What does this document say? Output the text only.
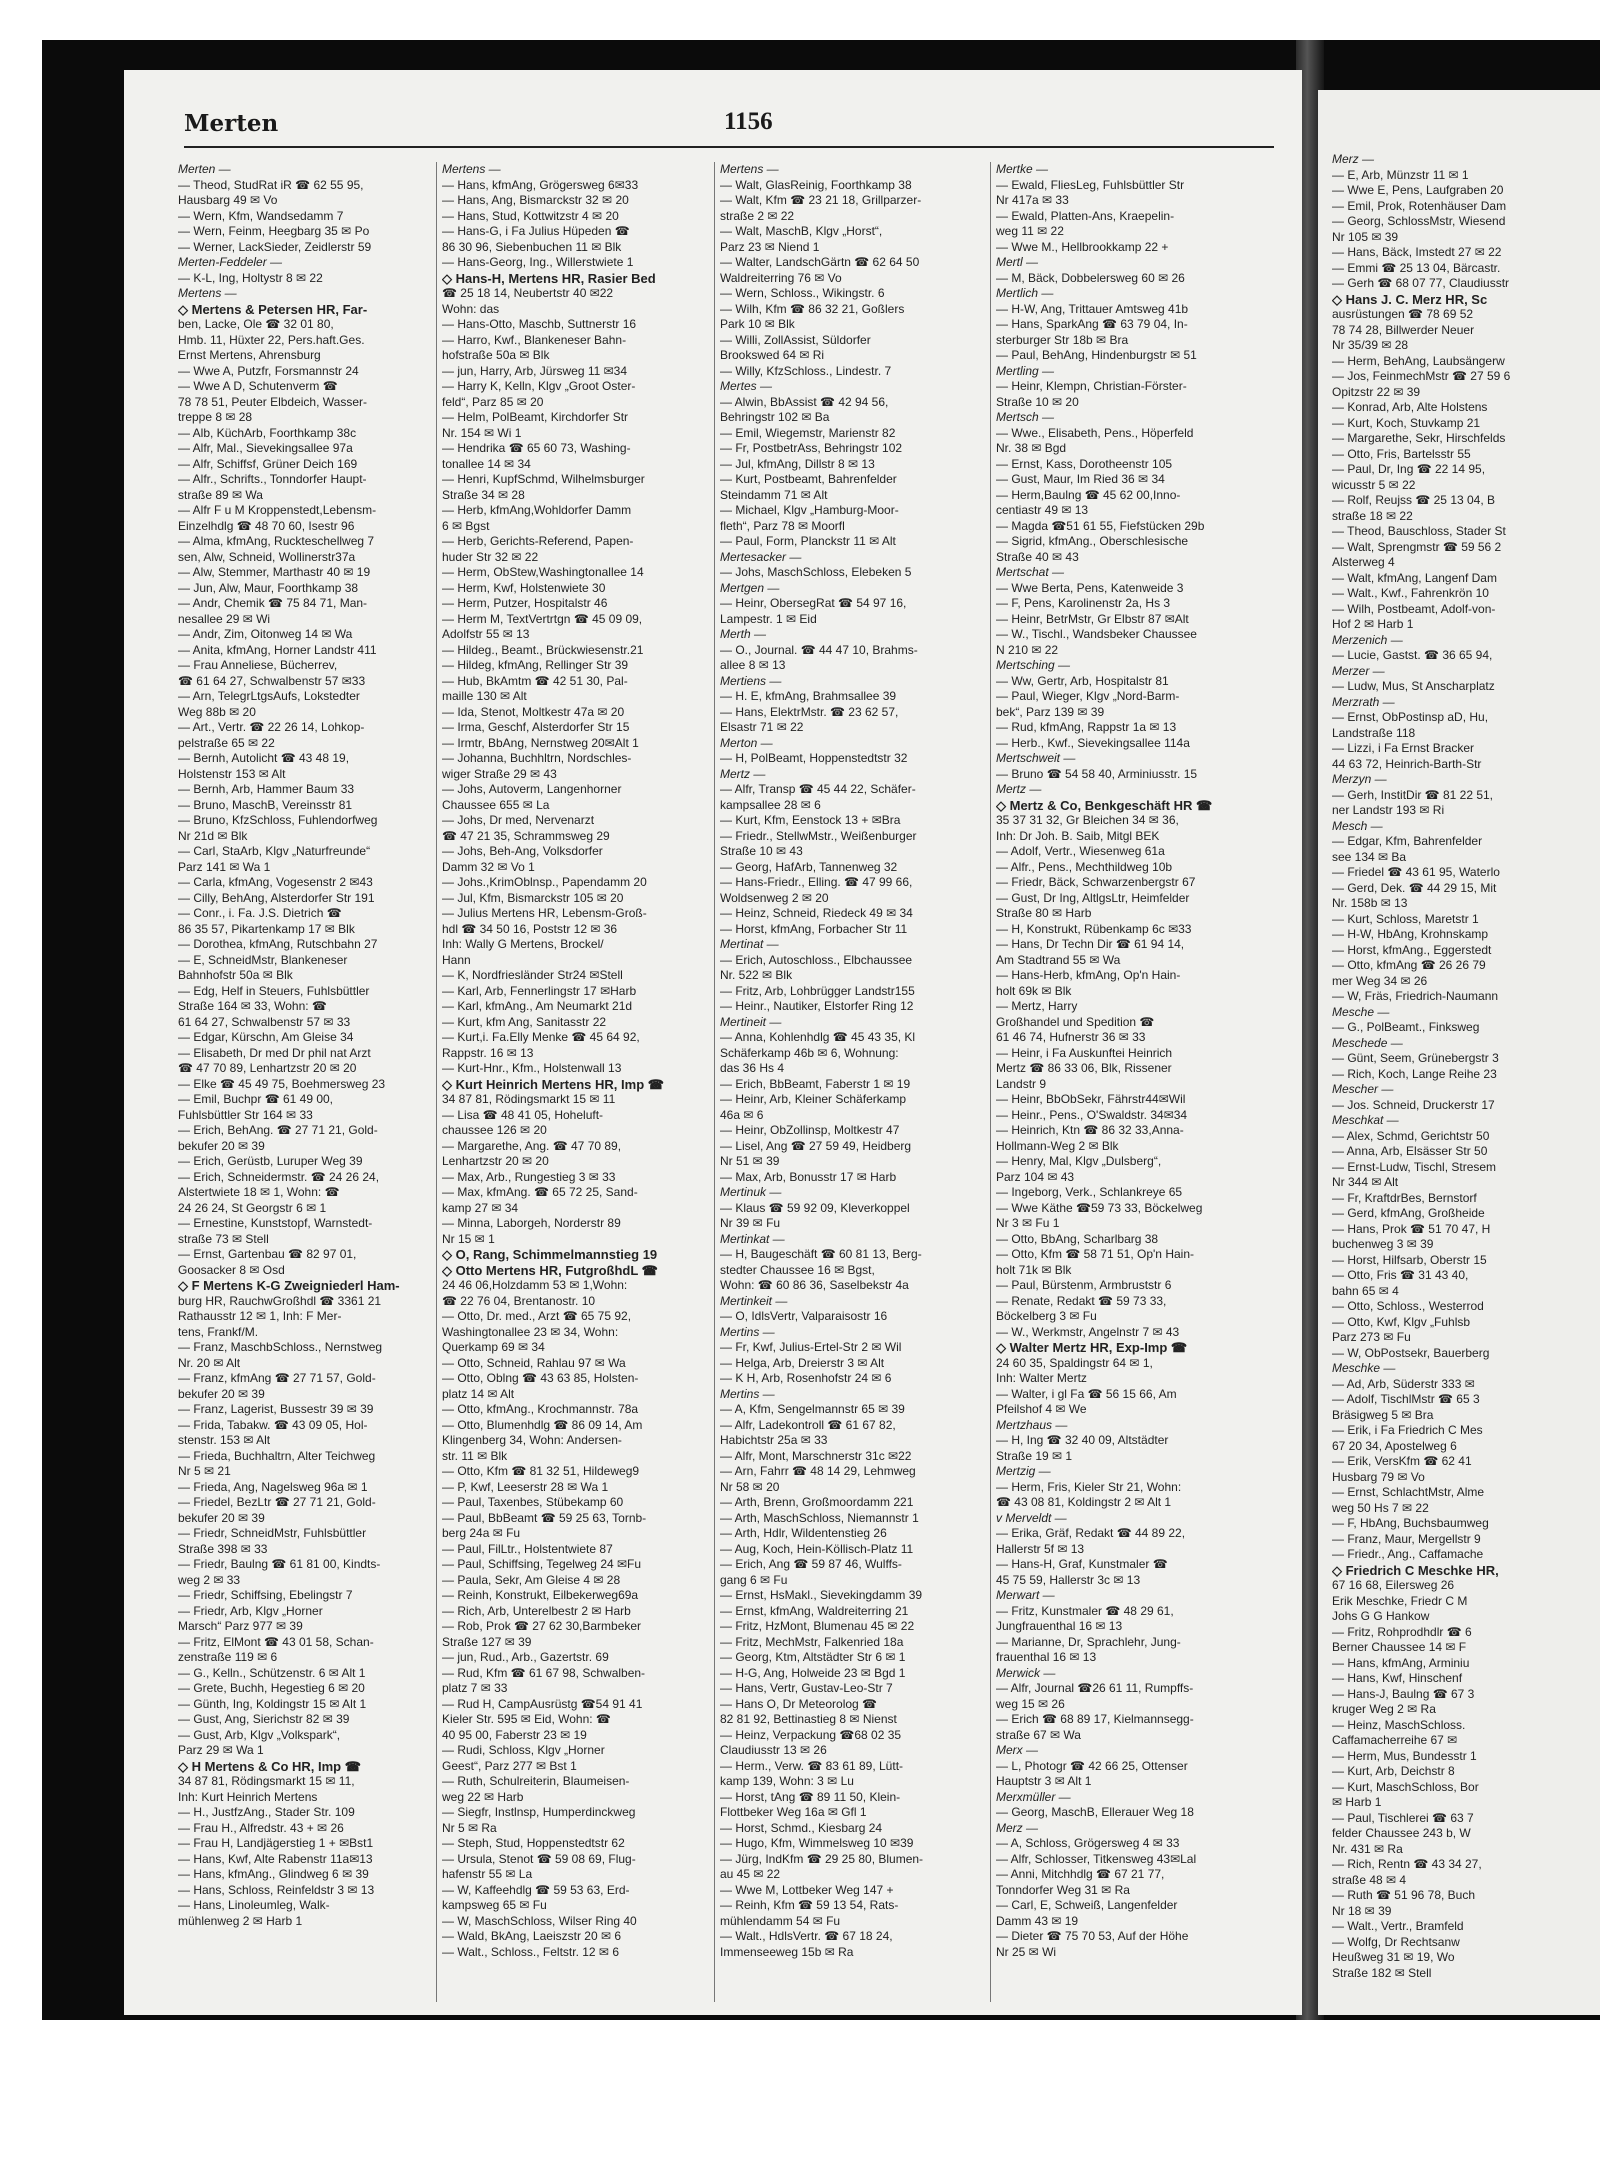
Merten	1156

Merten —

— Theod, StudRat iR ☎ 62 55 95,

Hausbarg 49 ✉ Vo

— Wern, Kfm, Wandsedamm 7

— Wern, Feinm, Heegbarg 35 ✉ Po

— Werner, LackSieder, Zeidlerstr 59

Merten-Feddeler —

— K-L, Ing, Holtystr 8 ✉ 22

Mertens —

◇ Mertens & Petersen HR, Far-

ben, Lacke, Ole ☎ 32 01 80,

Hmb. 11, Hüxter 22, Pers.haft.Ges.

Ernst Mertens, Ahrensburg

— Wwe A, Putzfr, Forsmannstr 24

— Wwe A D, Schutenverm ☎

78 78 51, Peuter Elbdeich, Wasser-

treppe 8 ✉ 28

— Alb, KüchArb, Foorthkamp 38c

— Alfr, Mal., Sievekingsallee 97a

— Alfr, Schiffsf, Grüner Deich 169

— Alfr., Schrifts., Tonndorfer Haupt-

straße 89 ✉ Wa

— Alfr F u M Kroppenstedt,Lebensm-

Einzelhdlg ☎ 48 70 60, Isestr 96

— Alma, kfmAng, Ruckteschellweg 7

sen, Alw, Schneid, Wollinerstr37a

— Alw, Stemmer, Marthastr 40 ✉ 19

— Jun, Alw, Maur, Foorthkamp 38

— Andr, Chemik ☎ 75 84 71, Man-

nesallee 29 ✉ Wi

— Andr, Zim, Oitonweg 14 ✉ Wa

— Anita, kfmAng, Horner Landstr 411

— Frau Anneliese, Bücherrev,

☎ 61 64 27, Schwalbenstr 57 ✉33

— Arn, TelegrLtgsAufs, Lokstedter

Weg 88b ✉ 20

— Art., Vertr. ☎ 22 26 14, Lohkop-

pelstraße 65 ✉ 22

— Bernh, Autolicht ☎ 43 48 19,

Holstenstr 153 ✉ Alt

— Bernh, Arb, Hammer Baum 33

— Bruno, MaschB, Vereinsstr 81

— Bruno, KfzSchloss, Fuhlendorfweg

Nr 21d ✉ Blk

— Carl, StaArb, Klgv „Naturfreunde“

Parz 141 ✉ Wa 1

— Carla, kfmAng, Vogesenstr 2 ✉43

— Cilly, BehAng, Alsterdorfer Str 191

— Conr., i. Fa. J.S. Dietrich ☎

86 35 57, Pikartenkamp 17 ✉ Blk

— Dorothea, kfmAng, Rutschbahn 27

— E, SchneidMstr, Blankeneser

Bahnhofstr 50a ✉ Blk

— Edg, Helf in Steuers, Fuhlsbüttler

Straße 164 ✉ 33, Wohn: ☎

61 64 27, Schwalbenstr 57 ✉ 33

— Edgar, Kürschn, Am Gleise 34

— Elisabeth, Dr med Dr phil nat Arzt

☎ 47 70 89, Lenhartzstr 20 ✉ 20

— Elke ☎ 45 49 75, Boehmersweg 23

— Emil, Buchpr ☎ 61 49 00,

Fuhlsbüttler Str 164 ✉ 33

— Erich, BehAng. ☎ 27 71 21, Gold-

bekufer 20 ✉ 39

— Erich, Gerüstb, Luruper Weg 39

— Erich, Schneidermstr. ☎ 24 26 24,

Alstertwiete 18 ✉ 1, Wohn: ☎

24 26 24, St Georgstr 6 ✉ 1

— Ernestine, Kunststopf, Warnstedt-

straße 73 ✉ Stell

— Ernst, Gartenbau ☎ 82 97 01,

Goosacker 8 ✉ Osd

◇ F Mertens K-G Zweigniederl Ham-

burg HR, RauchwGroßhdl ☎ 3361 21

Rathausstr 12 ✉ 1, Inh: F Mer-

tens, Frankf/M.

— Franz, MaschbSchloss., Nernstweg

Nr. 20 ✉ Alt

— Franz, kfmAng ☎ 27 71 57, Gold-

bekufer 20 ✉ 39

— Franz, Lagerist, Bussestr 39 ✉ 39

— Frida, Tabakw. ☎ 43 09 05, Hol-

stenstr. 153 ✉ Alt

— Frieda, Buchhaltrn, Alter Teichweg

Nr 5 ✉ 21

— Frieda, Ang, Nagelsweg 96a ✉ 1

— Friedel, BezLtr ☎ 27 71 21, Gold-

bekufer 20 ✉ 39

— Friedr, SchneidMstr, Fuhlsbüttler

Straße 398 ✉ 33

— Friedr, Baulng ☎ 61 81 00, Kindts-

weg 2 ✉ 33

— Friedr, Schiffsing, Ebelingstr 7

— Friedr, Arb, Klgv „Horner

Marsch“ Parz 977 ✉ 39

— Fritz, ElMont ☎ 43 01 58, Schan-

zenstraße 119 ✉ 6

— G., Kelln., Schützenstr. 6 ✉ Alt 1

— Grete, Buchh, Hegestieg 6 ✉ 20

— Günth, Ing, Koldingstr 15 ✉ Alt 1

— Gust, Ang, Sierichstr 82 ✉ 39

— Gust, Arb, Klgv „Volkspark“,

Parz 29 ✉ Wa 1

◇ H Mertens & Co HR, Imp ☎

34 87 81, Rödingsmarkt 15 ✉ 11,

Inh: Kurt Heinrich Mertens

— H., JustfzAng., Stader Str. 109

— Frau H., Alfredstr. 43 + ✉ 26

— Frau H, Landjägerstieg 1 + ✉Bst1

— Hans, Kwf, Alte Rabenstr 11a✉13

— Hans, kfmAng., Glindweg 6 ✉ 39

— Hans, Schloss, Reinfeldstr 3 ✉ 13

— Hans, Linoleumleg, Walk-

mühlenweg 2 ✉ Harb 1

Mertens —

— Hans, kfmAng, Grögersweg 6✉33

— Hans, Ang, Bismarckstr 32 ✉ 20

— Hans, Stud, Kottwitzstr 4 ✉ 20

— Hans-G, i Fa Julius Hüpeden ☎

86 30 96, Siebenbuchen 11 ✉ Blk

— Hans-Georg, Ing., Willerstwiete 1

◇ Hans-H, Mertens HR, Rasier Bed

☎ 25 18 14, Neubertstr 40 ✉22

Wohn: das

— Hans-Otto, Maschb, Suttnerstr 16

— Harro, Kwf., Blankeneser Bahn-

hofstraße 50a ✉ Blk

— jun, Harry, Arb, Jürsweg 11 ✉34

— Harry K, Kelln, Klgv „Groot Oster-

feld“, Parz 85 ✉ 20

— Helm, PolBeamt, Kirchdorfer Str

Nr. 154 ✉ Wi 1

— Hendrika ☎ 65 60 73, Washing-

tonallee 14 ✉ 34

— Henri, KupfSchmd, Wilhelmsburger

Straße 34 ✉ 28

— Herb, kfmAng,Wohldorfer Damm

6 ✉ Bgst

— Herb, Gerichts-Referend, Papen-

huder Str 32 ✉ 22

— Herm, ObStew,Washingtonallee 14

— Herm, Kwf, Holstenwiete 30

— Herm, Putzer, Hospitalstr 46

— Herm M, TextVertrtgn ☎ 45 09 09,

Adolfstr 55 ✉ 13

— Hildeg., Beamt., Brückwiesenstr.21

— Hildeg, kfmAng, Rellinger Str 39

— Hub, BkAmtm ☎ 42 51 30, Pal-

maille 130 ✉ Alt

— Ida, Stenot, Moltkestr 47a ✉ 20

— Irma, Geschf, Alsterdorfer Str 15

— Irmtr, BbAng, Nernstweg 20✉Alt 1

— Johanna, Buchhltrn, Nordschles-

wiger Straße 29 ✉ 43

— Johs, Autoverm, Langenhorner

Chaussee 655 ✉ La

— Johs, Dr med, Nervenarzt

☎ 47 21 35, Schrammsweg 29

— Johs, Beh-Ang, Volksdorfer

Damm 32 ✉ Vo 1

— Johs.,KrimOblnsp., Papendamm 20

— Jul, Kfm, Bismarckstr 105 ✉ 20

— Julius Mertens HR, Lebensm-Groß-

hdl ☎ 34 50 16, Poststr 12 ✉ 36

Inh: Wally G Mertens, Brockel/

Hann

— K, Nordfriesländer Str24 ✉Stell

— Karl, Arb, Fennerlingstr 17 ✉Harb

— Karl, kfmAng., Am Neumarkt 21d

— Kurt, kfm Ang, Sanitasstr 22

— Kurt,i. Fa.Elly Menke ☎ 45 64 92,

Rappstr. 16 ✉ 13

— Kurt-Hnr., Kfm., Holstenwall 13

◇ Kurt Heinrich Mertens HR, Imp ☎

34 87 81, Rödingsmarkt 15 ✉ 11

— Lisa ☎ 48 41 05, Hoheluft-

chaussee 126 ✉ 20

— Margarethe, Ang. ☎ 47 70 89,

Lenhartzstr 20 ✉ 20

— Max, Arb., Rungestieg 3 ✉ 33

— Max, kfmAng. ☎ 65 72 25, Sand-

kamp 27 ✉ 34

— Minna, Laborgeh, Norderstr 89

Nr 15 ✉ 1

◇ O, Rang, Schimmelmannstieg 19

◇ Otto Mertens HR, FutgroßhdL ☎

24 46 06,Holzdamm 53 ✉ 1,Wohn:

☎ 22 76 04, Brentanostr. 10

— Otto, Dr. med., Arzt ☎ 65 75 92,

Washingtonallee 23 ✉ 34, Wohn:

Querkamp 69 ✉ 34

— Otto, Schneid, Rahlau 97 ✉ Wa

— Otto, Oblng ☎ 43 63 85, Holsten-

platz 14 ✉ Alt

— Otto, kfmAng., Krochmannstr. 78a

— Otto, Blumenhdlg ☎ 86 09 14, Am

Klingenberg 34, Wohn: Andersen-

str. 11 ✉ Blk

— Otto, Kfm ☎ 81 32 51, Hildeweg9

— P, Kwf, Leeserstr 28 ✉ Wa 1

— Paul, Taxenbes, Stübekamp 60

— Paul, BbBeamt ☎ 59 25 63, Tornb-

berg 24a ✉ Fu

— Paul, FilLtr., Holstentwiete 87

— Paul, Schiffsing, Tegelweg 24 ✉Fu

— Paula, Sekr, Am Gleise 4 ✉ 28

— Reinh, Konstrukt, Eilbekerweg69a

— Rich, Arb, Unterelbestr 2 ✉ Harb

— Rob, Prok ☎ 27 62 30,Barmbeker

Straße 127 ✉ 39

— jun, Rud., Arb., Gazertstr. 69

— Rud, Kfm ☎ 61 67 98, Schwalben-

platz 7 ✉ 33

— Rud H, CampAusrüstg ☎54 91 41

Kieler Str. 595 ✉ Eid, Wohn: ☎

40 95 00, Faberstr 23 ✉ 19

— Rudi, Schloss, Klgv „Horner

Geest“, Parz 277 ✉ Bst 1

— Ruth, Schulreiterin, Blaumeisen-

weg 22 ✉ Harb

— Siegfr, Instlnsp, Humperdinckweg

Nr 5 ✉ Ra

— Steph, Stud, Hoppenstedtstr 62

— Ursula, Stenot ☎ 59 08 69, Flug-

hafenstr 55 ✉ La

— W, Kaffeehdlg ☎ 59 53 63, Erd-

kampsweg 65 ✉ Fu

— W, MaschSchloss, Wilser Ring 40

— Wald, BkAng, Laeiszstr 20 ✉ 6

— Walt., Schloss., Feltstr. 12 ✉ 6

Mertens —

— Walt, GlasReinig, Foorthkamp 38

— Walt, Kfm ☎ 23 21 18, Grillparzer-

straße 2 ✉ 22

— Walt, MaschB, Klgv „Horst“,

Parz 23 ✉ Niend 1

— Walter, LandschGärtn ☎ 62 64 50

Waldreiterring 76 ✉ Vo

— Wern, Schloss., Wikingstr. 6

— Wilh, Kfm ☎ 86 32 21, Goßlers

Park 10 ✉ Blk

— Willi, ZollAssist, Süldorfer

Brookswed 64 ✉ Ri

— Willy, KfzSchloss., Lindestr. 7

Mertes —

— Alwin, BbAssist ☎ 42 94 56,

Behringstr 102 ✉ Ba

— Emil, Wiegemstr, Marienstr 82

— Fr, PostbetrAss, Behringstr 102

— Jul, kfmAng, Dillstr 8 ✉ 13

— Kurt, Postbeamt, Bahrenfelder

Steindamm 71 ✉ Alt

— Michael, Klgv „Hamburg-Moor-

fleth“, Parz 78 ✉ Moorfl

— Paul, Form, Planckstr 11 ✉ Alt

Mertesacker —

— Johs, MaschSchloss, Elebeken 5

Mertgen —

— Heinr, ObersegRat ☎ 54 97 16,

Lampestr. 1 ✉ Eid

Merth —

— O., Journal. ☎ 44 47 10, Brahms-

allee 8 ✉ 13

Mertiens —

— H. E, kfmAng, Brahmsallee 39

— Hans, ElektrMstr. ☎ 23 62 57,

Elsastr 71 ✉ 22

Merton —

— H, PolBeamt, Hoppenstedtstr 32

Mertz —

— Alfr, Transp ☎ 45 44 22, Schäfer-

kampsallee 28 ✉ 6

— Kurt, Kfm, Eenstock 13 + ✉Bra

— Friedr., StellwMstr., Weißenburger

Straße 10 ✉ 43

— Georg, HafArb, Tannenweg 32

— Hans-Friedr., Elling. ☎ 47 99 66,

Woldsenweg 2 ✉ 20

— Heinz, Schneid, Riedeck 49 ✉ 34

— Horst, kfmAng, Forbacher Str 11

Mertinat —

— Erich, Autoschloss., Elbchaussee

Nr. 522 ✉ Blk

— Fritz, Arb, Lohbrügger Landstr155

— Heinr., Nautiker, Elstorfer Ring 12

Mertineit —

— Anna, Kohlenhdlg ☎ 45 43 35, Kl

Schäferkamp 46b ✉ 6, Wohnung:

das 36 Hs 4

— Erich, BbBeamt, Faberstr 1 ✉ 19

— Heinr, Arb, Kleiner Schäferkamp

46a ✉ 6

— Heinr, ObZollinsp, Moltkestr 47

— Lisel, Ang ☎ 27 59 49, Heidberg

Nr 51 ✉ 39

— Max, Arb, Bonusstr 17 ✉ Harb

Mertinuk —

— Klaus ☎ 59 92 09, Kleverkoppel

Nr 39 ✉ Fu

Mertinkat —

— H, Baugeschäft ☎ 60 81 13, Berg-

stedter Chaussee 16 ✉ Bgst,

Wohn: ☎ 60 86 36, Saselbekstr 4a

Mertinkeit —

— O, IdlsVertr, Valparaisostr 16

Mertins —

— Fr, Kwf, Julius-Ertel-Str 2 ✉ Wil

— Helga, Arb, Dreierstr 3 ✉ Alt

— K H, Arb, Rosenhofstr 24 ✉ 6

Mertins —

— A, Kfm, Sengelmannstr 65 ✉ 39

— Alfr, Ladekontroll ☎ 61 67 82,

Habichtstr 25a ✉ 33

— Alfr, Mont, Marschnerstr 31c ✉22

— Arn, Fahrr ☎ 48 14 29, Lehmweg

Nr 58 ✉ 20

— Arth, Brenn, Großmoordamm 221

— Arth, MaschSchloss, Niemannstr 1

— Arth, Hdlr, Wildentenstieg 26

— Aug, Koch, Hein-Köllisch-Platz 11

— Erich, Ang ☎ 59 87 46, Wulffs-

gang 6 ✉ Fu

— Ernst, HsMakl., Sievekingdamm 39

— Ernst, kfmAng, Waldreiterring 21

— Fritz, HzMont, Blumenau 45 ✉ 22

— Fritz, MechMstr, Falkenried 18a

— Georg, Ktm, Altstädter Str 6 ✉ 1

— H-G, Ang, Holweide 23 ✉ Bgd 1

— Hans, Vertr, Gustav-Leo-Str 7

— Hans O, Dr Meteorolog ☎

82 81 92, Bettinastieg 8 ✉ Nienst

— Heinz, Verpackung ☎68 02 35

Claudiusstr 13 ✉ 26

— Herm., Verw. ☎ 83 61 89, Lütt-

kamp 139, Wohn: 3 ✉ Lu

— Horst, tAng ☎ 89 11 50, Klein-

Flottbeker Weg 16a ✉ Gfl 1

— Horst, Schmd., Kiesbarg 24

— Hugo, Kfm, Wimmelsweg 10 ✉39

— Jürg, IndKfm ☎ 29 25 80, Blumen-

au 45 ✉ 22

— Wwe M, Lottbeker Weg 147 +

— Reinh, Kfm ☎ 59 13 54, Rats-

mühlendamm 54 ✉ Fu

— Walt., HdlsVertr. ☎ 67 18 24,

Immenseeweg 15b ✉ Ra

Mertke —

— Ewald, FliesLeg, Fuhlsbüttler Str

Nr 417a ✉ 33

— Ewald, Platten-Ans, Kraepelin-

weg 11 ✉ 22

— Wwe M., Hellbrookkamp 22 +

Mertl —

— M, Bäck, Dobbelersweg 60 ✉ 26

Mertlich —

— H-W, Ang, Trittauer Amtsweg 41b

— Hans, SparkAng ☎ 63 79 04, In-

sterburger Str 18b ✉ Bra

— Paul, BehAng, Hindenburgstr ✉ 51

Mertling —

— Heinr, Klempn, Christian-Förster-

Straße 10 ✉ 20

Mertsch —

— Wwe., Elisabeth, Pens., Höperfeld

Nr. 38 ✉ Bgd

— Ernst, Kass, Dorotheenstr 105

— Gust, Maur, Im Ried 36 ✉ 34

— Herm,Baulng ☎ 45 62 00,Inno-

centiastr 49 ✉ 13

— Magda ☎51 61 55, Fiefstücken 29b

— Sigrid, kfmAng., Oberschlesische

Straße 40 ✉ 43

Mertschat —

— Wwe Berta, Pens, Katenweide 3

— F, Pens, Karolinenstr 2a, Hs 3

— Heinr, BetrMstr, Gr Elbstr 87 ✉Alt

— W., Tischl., Wandsbeker Chaussee

N 210 ✉ 22

Mertsching —

— Ww, Gertr, Arb, Hospitalstr 81

— Paul, Wieger, Klgv „Nord-Barm-

bek“, Parz 139 ✉ 39

— Rud, kfmAng, Rappstr 1a ✉ 13

— Herb., Kwf., Sievekingsallee 114a

Mertschweit —

— Bruno ☎ 54 58 40, Arminiusstr. 15

Mertz —

◇ Mertz & Co, Benkgeschäft HR ☎

35 37 31 32, Gr Bleichen 34 ✉ 36,

Inh: Dr Joh. B. Saib, Mitgl BEK

— Adolf, Vertr., Wiesenweg 61a

— Alfr., Pens., Mechthildweg 10b

— Friedr, Bäck, Schwarzenbergstr 67

— Gust, Dr Ing, AltlgsLtr, Heimfelder

Straße 80 ✉ Harb

— H, Konstrukt, Rübenkamp 6c ✉33

— Hans, Dr Techn Dir ☎ 61 94 14,

Am Stadtrand 55 ✉ Wa

— Hans-Herb, kfmAng, Op'n Hain-

holt 69k ✉ Blk

— Mertz, Harry

Großhandel und Spedition ☎

61 46 74, Hufnerstr 36 ✉ 33

— Heinr, i Fa Auskunftei Heinrich

Mertz ☎ 86 33 06, Blk, Rissener

Landstr 9

— Heinr, BbObSekr, Fährstr44✉Wil

— Heinr., Pens., O'Swaldstr. 34✉34

— Heinrich, Ktn ☎ 86 32 33,Anna-

Hollmann-Weg 2 ✉ Blk

— Henry, Mal, Klgv „Dulsberg“,

Parz 104 ✉ 43

— Ingeborg, Verk., Schlankreye 65

— Wwe Käthe ☎59 73 33, Böckelweg

Nr 3 ✉ Fu 1

— Otto, BbAng, Scharlbarg 38

— Otto, Kfm ☎ 58 71 51, Op'n Hain-

holt 71k ✉ Blk

— Paul, Bürstenm, Armbruststr 6

— Renate, Redakt ☎ 59 73 33,

Böckelberg 3 ✉ Fu

— W., Werkmstr, Angelnstr 7 ✉ 43

◇ Walter Mertz HR, Exp-Imp ☎

24 60 35, Spaldingstr 64 ✉ 1,

Inh: Walter Mertz

— Walter, i gl Fa ☎ 56 15 66, Am

Pfeilshof 4 ✉ We

Mertzhaus —

— H, Ing ☎ 32 40 09, Altstädter

Straße 19 ✉ 1

Mertzig —

— Herm, Fris, Kieler Str 21, Wohn:

☎ 43 08 81, Koldingstr 2 ✉ Alt 1

v Merveldt —

— Erika, Gräf, Redakt ☎ 44 89 22,

Hallerstr 5f ✉ 13

— Hans-H, Graf, Kunstmaler ☎

45 75 59, Hallerstr 3c ✉ 13

Merwart —

— Fritz, Kunstmaler ☎ 48 29 61,

Jungfrauenthal 16 ✉ 13

— Marianne, Dr, Sprachlehr, Jung-

frauenthal 16 ✉ 13

Merwick —

— Alfr, Journal ☎26 61 11, Rumpffs-

weg 15 ✉ 26

— Erich ☎ 68 89 17, Kielmannsegg-

straße 67 ✉ Wa

Merx —

— L, Photogr ☎ 42 66 25, Ottenser

Hauptstr 3 ✉ Alt 1

Merxmüller —

— Georg, MaschB, Ellerauer Weg 18

Merz —

— A, Schloss, Grögersweg 4 ✉ 33

— Alfr, Schlosser, Titkensweg 43✉Lal

— Anni, Mitchhdlg ☎ 67 21 77,

Tonndorfer Weg 31 ✉ Ra

— Carl, E, Schweiß, Langenfelder

Damm 43 ✉ 19

— Dieter ☎ 75 70 53, Auf der Höhe

Nr 25 ✉ Wi

Merz —

— E, Arb, Münzstr 11 ✉ 1

— Wwe E, Pens, Laufgraben 20

— Emil, Prok, Rotenhäuser Dam

— Georg, SchlossMstr, Wiesend

Nr 105 ✉ 39

— Hans, Bäck, Imstedt 27 ✉ 22

— Emmi ☎ 25 13 04, Bärcastr.

— Gerh ☎ 68 07 77, Claudiusstr

◇ Hans J. C. Merz HR, Sc

ausrüstungen ☎ 78 69 52

78 74 28, Billwerder Neuer

Nr 35/39 ✉ 28

— Herm, BehAng, Laubsängerw

— Jos, FeinmechMstr ☎ 27 59 6

Opitzstr 22 ✉ 39

— Konrad, Arb, Alte Holstens

— Kurt, Koch, Stuvkamp 21

— Margarethe, Sekr, Hirschfelds

— Otto, Fris, Bartelsstr 55

— Paul, Dr, Ing ☎ 22 14 95,

wicusstr 5 ✉ 22

— Rolf, Reujss ☎ 25 13 04, B

straße 18 ✉ 22

— Theod, Bauschloss, Stader St

— Walt, Sprengmstr ☎ 59 56 2

Alsterweg 4

— Walt, kfmAng, Langenf Dam

— Walt., Kwf., Fahrenkrön 10

— Wilh, Postbeamt, Adolf-von-

Hof 2 ✉ Harb 1

Merzenich —

— Lucie, Gastst. ☎ 36 65 94,

Merzer —

— Ludw, Mus, St Anscharplatz

Merzrath —

— Ernst, ObPostinsp aD, Hu,

Landstraße 118

— Lizzi, i Fa Ernst Bracker

44 63 72, Heinrich-Barth-Str

Merzyn —

— Gerh, InstitDir ☎ 81 22 51,

ner Landstr 193 ✉ Ri

Mesch —

— Edgar, Kfm, Bahrenfelder

see 134 ✉ Ba

— Friedel ☎ 43 61 95, Waterlo

— Gerd, Dek. ☎ 44 29 15, Mit

Nr. 158b ✉ 13

— Kurt, Schloss, Maretstr 1

— H-W, HbAng, Krohnskamp

— Horst, kfmAng., Eggerstedt

— Otto, kfmAng ☎ 26 26 79

mer Weg 34 ✉ 26

— W, Fräs, Friedrich-Naumann

Mesche —

— G., PolBeamt., Finksweg

Meschede —

— Günt, Seem, Grünebergstr 3

— Rich, Koch, Lange Reihe 23

Mescher —

— Jos. Schneid, Druckerstr 17

Meschkat —

— Alex, Schmd, Gerichtstr 50

— Anna, Arb, Elsässer Str 50

— Ernst-Ludw, Tischl, Stresem

Nr 344 ✉ Alt

— Fr, KraftdrBes, Bernstorf

— Gerd, kfmAng, Großheide

— Hans, Prok ☎ 51 70 47, H

buchenweg 3 ✉ 39

— Horst, Hilfsarb, Oberstr 15

— Otto, Fris ☎ 31 43 40,

bahn 65 ✉ 4

— Otto, Schloss., Westerrod

— Otto, Kwf, Klgv „Fuhlsb

Parz 273 ✉ Fu

— W, ObPostsekr, Bauerberg

Meschke —

— Ad, Arb, Süderstr 333 ✉

— Adolf, TischlMstr ☎ 65 3

Bräsigweg 5 ✉ Bra

— Erik, i Fa Friedrich C Mes

67 20 34, Apostelweg 6

— Erik, VersKfm ☎ 62 41

Husbarg 79 ✉ Vo

— Ernst, SchlachtMstr, Alme

weg 50 Hs 7 ✉ 22

— F, HbAng, Buchsbaumweg

— Franz, Maur, Mergellstr 9

— Friedr., Ang., Caffamache

◇ Friedrich C Meschke HR,

67 16 68, Eilersweg 26

Erik Meschke, Friedr C M

Johs G G Hankow

— Fritz, Rohprodhdlr ☎ 6

Berner Chaussee 14 ✉ F

— Hans, kfmAng, Arminiu

— Hans, Kwf, Hinschenf

— Hans-J, Baulng ☎ 67 3

kruger Weg 2 ✉ Ra

— Heinz, MaschSchloss.

Caffamacherreihe 67 ✉

— Herm, Mus, Bundesstr 1

— Kurt, Arb, Deichstr 8

— Kurt, MaschSchloss, Bor

✉ Harb 1

— Paul, Tischlerei ☎ 63 7

felder Chaussee 243 b, W

Nr. 431 ✉ Ra

— Rich, Rentn ☎ 43 34 27,

straße 48 ✉ 4

— Ruth ☎ 51 96 78, Buch

Nr 18 ✉ 39

— Walt., Vertr., Bramfeld

— Wolfg, Dr Rechtsanw

Heußweg 31 ✉ 19, Wo

Straße 182 ✉ Stell
